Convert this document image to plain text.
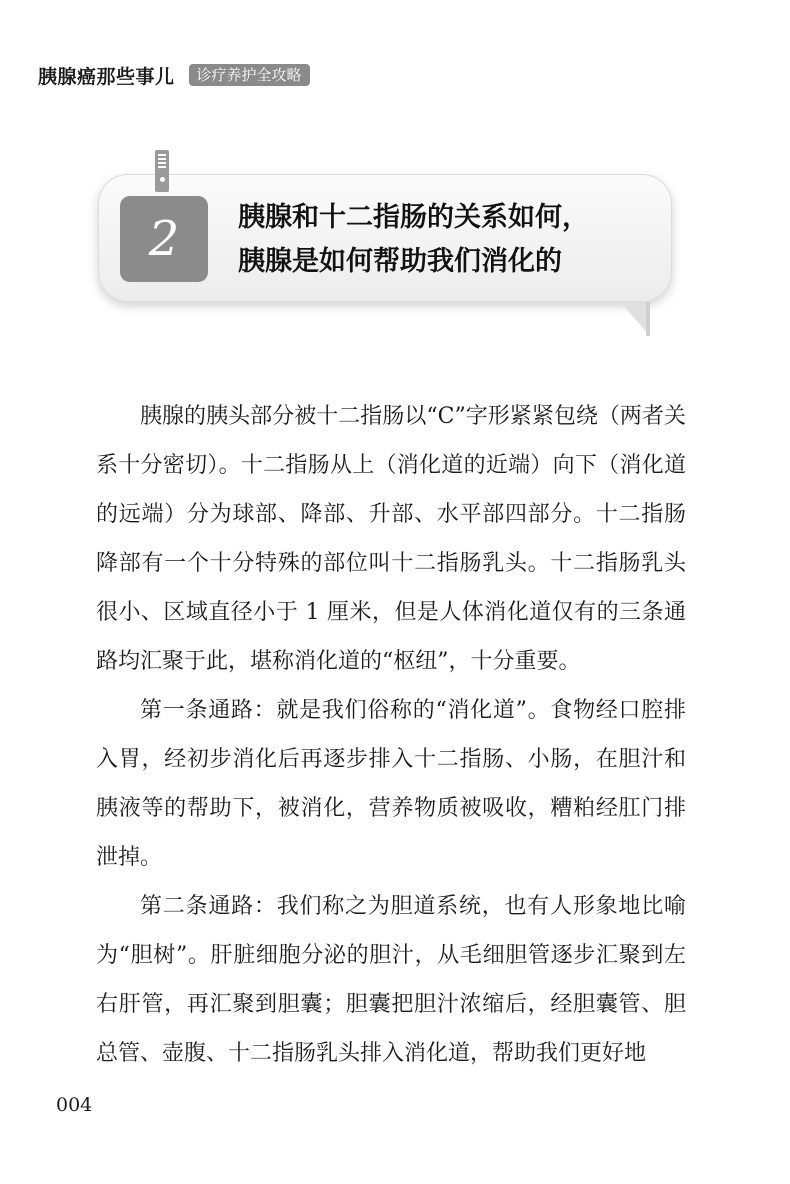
胰腺癌那些事儿	诊疗养护全攻略
2 胰腺和十二指肠的关系如何，
胰腺是如何帮助我们消化的

胰腺的胰头部分被十二指肠以“C”字形紧紧包绕（两者关系十分密切）。十二指肠从上（消化道的近端）向下（消化道的远端）分为球部、降部、升部、水平部四部分。十二指肠降部有一个十分特殊的部位叫十二指肠乳头。十二指肠乳头很小、区域直径小于 1 厘米，但是人体消化道仅有的三条通路均汇聚于此，堪称消化道的“枢纽”，十分重要。

第一条通路：就是我们俗称的“消化道”。食物经口腔排入胃，经初步消化后再逐步排入十二指肠、小肠，在胆汁和胰液等的帮助下，被消化，营养物质被吸收，糟粕经肛门排泄掉。

第二条通路：我们称之为胆道系统，也有人形象地比喻为“胆树”。肝脏细胞分泌的胆汁，从毛细胆管逐步汇聚到左右肝管，再汇聚到胆囊；胆囊把胆汁浓缩后，经胆囊管、胆总管、壶腹、十二指肠乳头排入消化道，帮助我们更好地

004
